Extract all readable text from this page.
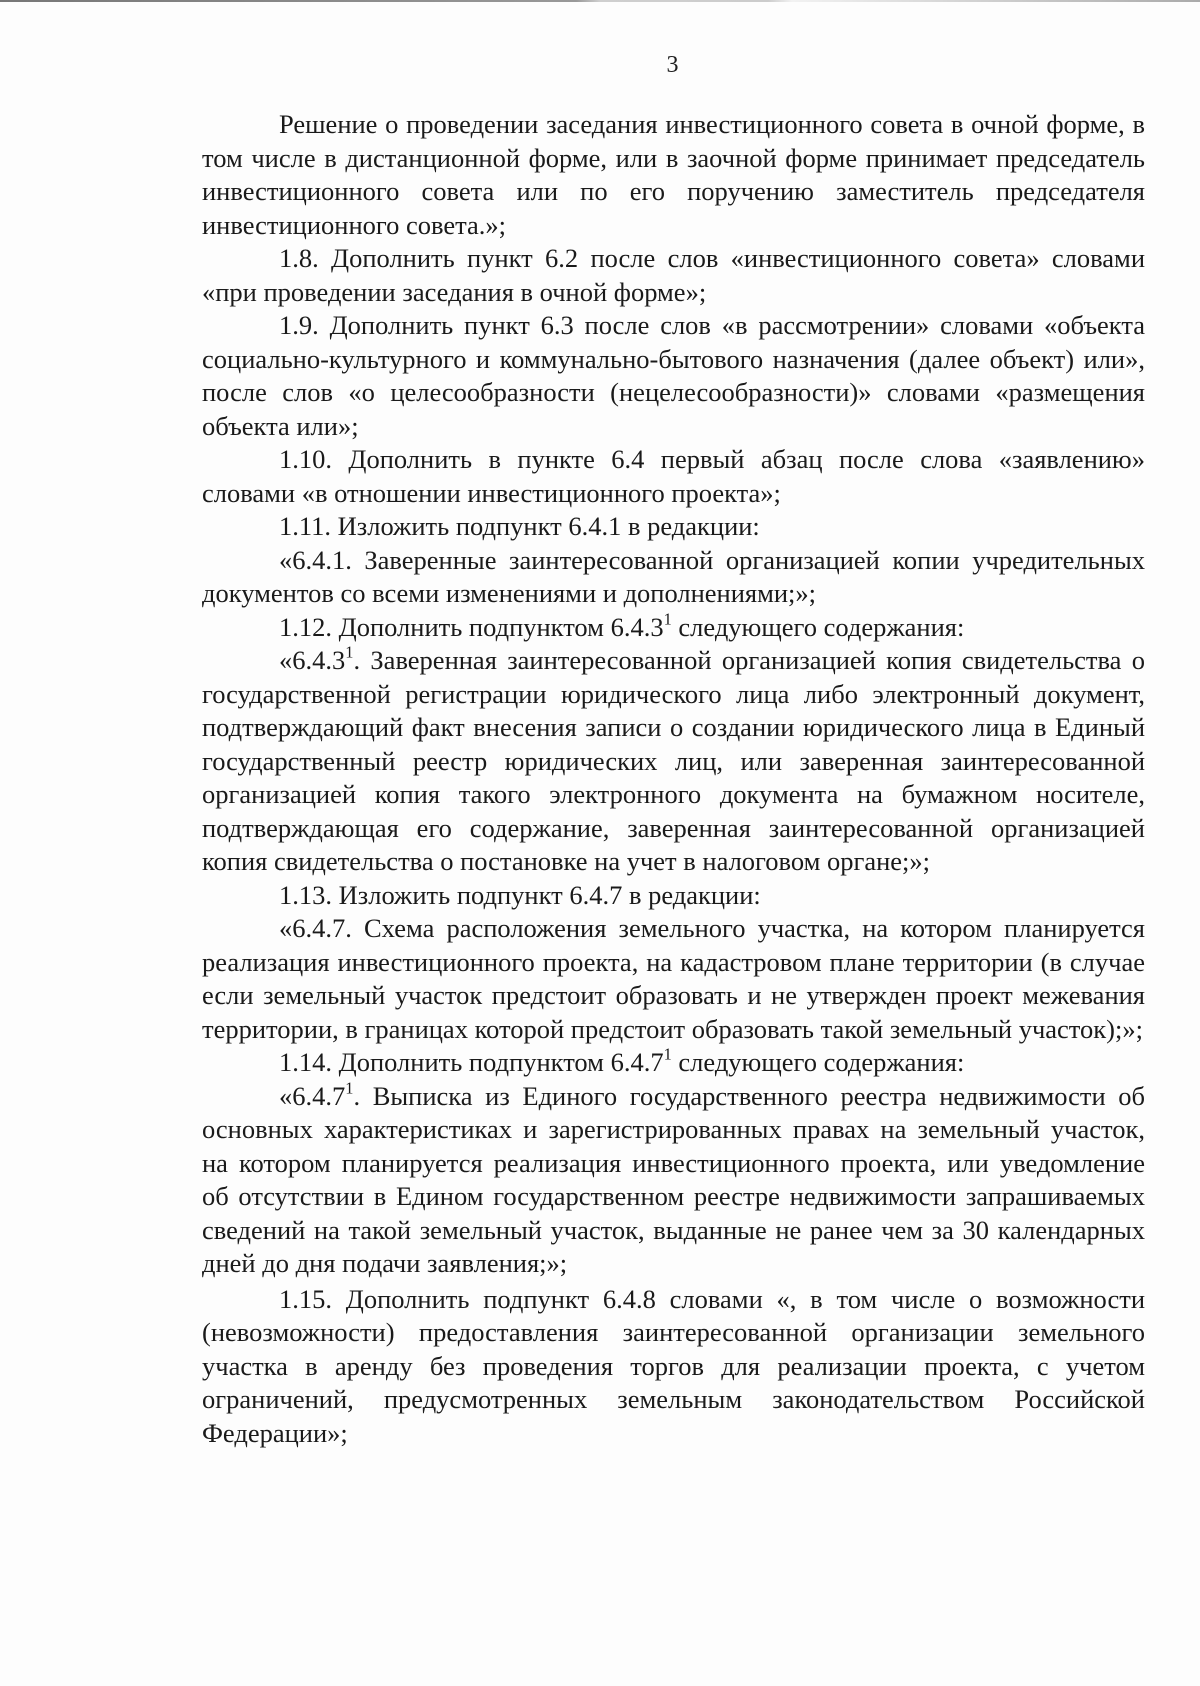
3

Решение о проведении заседания инвестиционного совета в очной форме, в том числе в дистанционной форме, или в заочной форме принимает председатель инвестиционного совета или по его поручению заместитель председателя инвестиционного совета.»;

1.8. Дополнить пункт 6.2 после слов «инвестиционного совета» словами «при проведении заседания в очной форме»;

1.9. Дополнить пункт 6.3 после слов «в рассмотрении» словами «объекта социально-культурного и коммунально-бытового назначения (далее объект) или», после слов «о целесообразности (нецелесообразности)» словами «размещения объекта или»;

1.10. Дополнить в пункте 6.4 первый абзац после слова «заявлению» словами «в отношении инвестиционного проекта»;

1.11. Изложить подпункт 6.4.1 в редакции:

«6.4.1. Заверенные заинтересованной организацией копии учредительных документов со всеми изменениями и дополнениями;»;

1.12. Дополнить подпунктом 6.4.3$^1$ следующего содержания:

«6.4.3$^1$. Заверенная заинтересованной организацией копия свидетельства о государственной регистрации юридического лица либо электронный документ, подтверждающий факт внесения записи о создании юридического лица в Единый государственный реестр юридических лиц, или заверенная заинтересованной организацией копия такого электронного документа на бумажном носителе, подтверждающая его содержание, заверенная заинтересованной организацией копия свидетельства о постановке на учет в налоговом органе;»;

1.13. Изложить подпункт 6.4.7 в редакции:

«6.4.7. Схема расположения земельного участка, на котором планируется реализация инвестиционного проекта, на кадастровом плане территории (в случае если земельный участок предстоит образовать и не утвержден проект межевания территории, в границах которой предстоит образовать такой земельный участок);»;

1.14. Дополнить подпунктом 6.4.7$^1$ следующего содержания:

«6.4.7$^1$. Выписка из Единого государственного реестра недвижимости об основных характеристиках и зарегистрированных правах на земельный участок, на котором планируется реализация инвестиционного проекта, или уведомление об отсутствии в Едином государственном реестре недвижимости запрашиваемых сведений на такой земельный участок, выданные не ранее чем за 30 календарных дней до дня подачи заявления;»;

1.15. Дополнить подпункт 6.4.8 словами «, в том числе о возможности (невозможности) предоставления заинтересованной организации земельного участка в аренду без проведения торгов для реализации проекта, с учетом ограничений, предусмотренных земельным законодательством Российской Федерации»;
